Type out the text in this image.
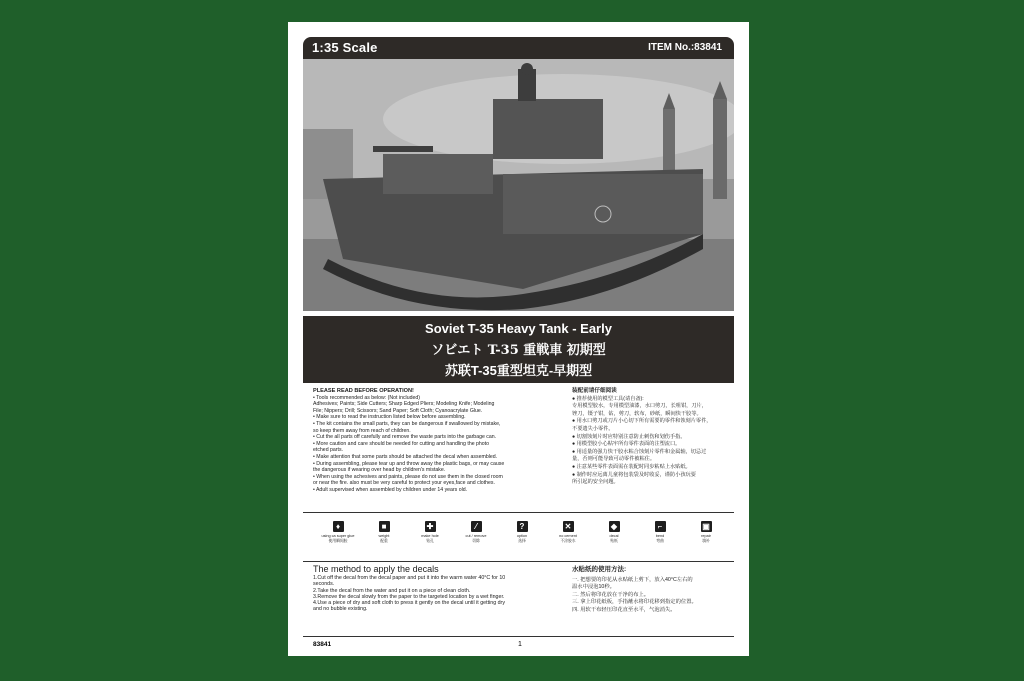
1:35 Scale	ITEM No.:83841
Soviet T-35 Heavy Tank - Early
ソビエト T-35 重戦車 初期型
苏联T-35重型坦克-早期型
PLEASE READ BEFORE OPERATION!
• Tools recommended as below: (Not included)
Adhesives; Paints; Side Cutters; Sharp Edged Pliers; Modeling Knife; Modeling
File; Nippers; Drill; Scissors; Sand Paper; Soft Cloth; Cyanoacrylate Glue.
• Make sure to read the instruction listed below before assembling.
• The kit contains the small parts, they can be dangerous if swallowed by mistake,
so keep them away from reach of children.
• Cut the all parts off carefully and remove the waste parts into the garbage can.
• More caution and care should be needed for cutting and handling the photo
etched parts.
• Make attention that some parts should be attached the decal when assembled.
• During assembling, please tear up and throw away the plastic bags, or may cause
the dangerous if wearing over head by children's mistake.
• When using the achesives and paints, please do not use them in the closed room
or near the fire. also must be very careful to protect your eyes,face and clothes.
• Adult supervised when assembled by children under 14 years old.
装配前请仔细阅读
● 推荐使用的模型工具(请自备):
专用模型胶水，专用模型油漆，水口剪刀，长咀钳，刀片，
锉刀，镊子钳，钻，剪刀，软布，砂纸，瞬间快干胶等。
● 用水口剪刀或刀片小心切下所有需要的零件和蚀刻片零件，
不要遗失小零件。
● 切割蚀刻片时应特别注意防止刺伤和划伤手指。
● 用模型胶小心粘牢所有零件表面的注塑流口。
● 用适量的强力快干胶水粘合蚀刻片零件和金属轴，切忌过
量，否则可能导致可动零件被粘住。
● 注意某些零件表面需在装配时同步粘贴上水贴纸。
● 制作时应远离儿童将包装袋及时收妥，谨防小孩玩耍
所引起的安全问题。
♦
using ca super glue
使用瞬间胶
■
weight
配重
✚
make hole
钻孔
⁄
cut / remove
切除
?
option
选择
✕
no cement
不涂胶水
◆
decal
贴纸
⌐
bend
弯曲
▣
repair
填补
The method to apply the decals
1.Cut off the decal from the decal paper and put it into the warm water 40°C for 10
seconds.
2.Take the decal from the water and put it on a piece of clean cloth.
3.Remove the decal slowly from the paper to the targeted location by a wet finger.
4.Use a piece of dry and soft cloth to press it gently on the decal until it getting dry
and no bubble existing.
水贴纸的使用方法:
一. 把想要的印花从水贴纸上剪下，放入40°C左右的
温水中浸泡10秒。
二. 然后将印花放在干净的布上。
三. 拿上印花纸板，手指蘸水将印花移到指定的位置。
四. 用软干布轻压印花直至水平，气泡消失。
83841	1
